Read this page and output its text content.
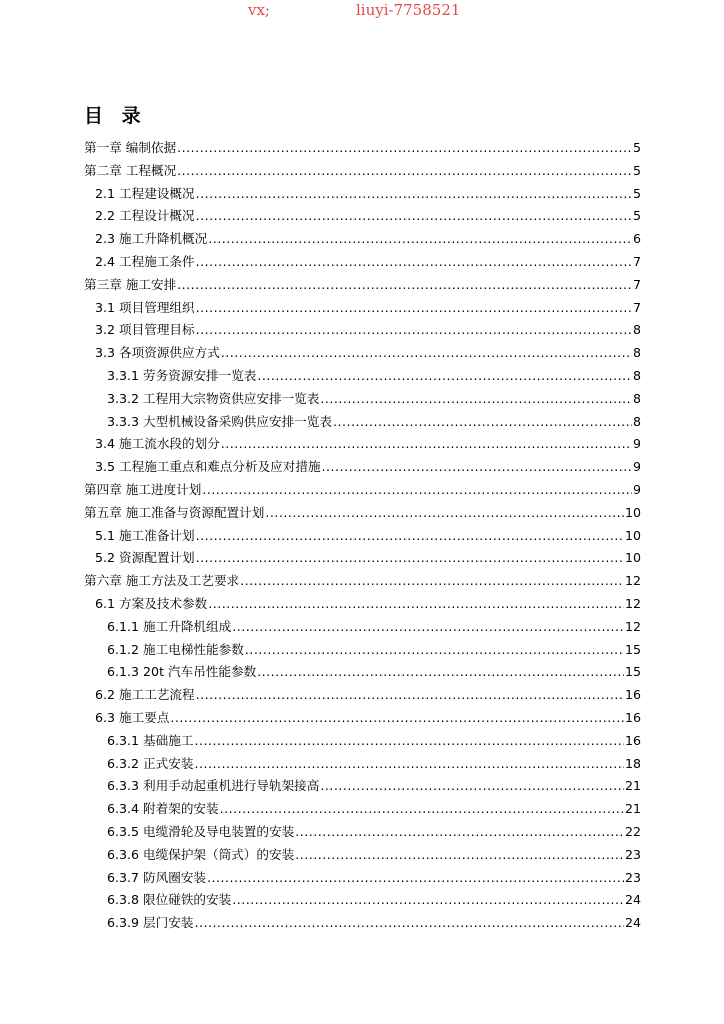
vx;	liuyi-7758521
目 录
第一章 编制依据 .....	5
第二章 工程概况 .....	5
2.1 工程建设概况 .....	5
2.2 工程设计概况 .....	5
2.3 施工升降机概况 .....	6
2.4 工程施工条件 .....	7
第三章 施工安排 .....	7
3.1 项目管理组织 .....	7
3.2 项目管理目标 .....	8
3.3 各项资源供应方式 .....	8
3.3.1 劳务资源安排一览表 .....	8
3.3.2 工程用大宗物资供应安排一览表 .....	8
3.3.3 大型机械设备采购供应安排一览表 .....	8
3.4 施工流水段的划分 .....	9
3.5 工程施工重点和难点分析及应对措施 .....	9
第四章 施工进度计划 .....	9
第五章 施工准备与资源配置计划 .....	10
5.1 施工准备计划 .....	10
5.2 资源配置计划 .....	10
第六章 施工方法及工艺要求 .....	12
6.1 方案及技术参数 .....	12
6.1.1 施工升降机组成 .....	12
6.1.2 施工电梯性能参数 .....	15
6.1.3 20t 汽车吊性能参数 .....	15
6.2 施工工艺流程 .....	16
6.3 施工要点 .....	16
6.3.1 基础施工 .....	16
6.3.2 正式安装 .....	18
6.3.3 利用手动起重机进行导轨架接高 .....	21
6.3.4 附着架的安装 .....	21
6.3.5 电缆滑轮及导电装置的安装 .....	22
6.3.6 电缆保护架（筒式）的安装 .....	23
6.3.7 防风圈安装 .....	23
6.3.8 限位碰铁的安装 .....	24
6.3.9 层门安装 .....	24
